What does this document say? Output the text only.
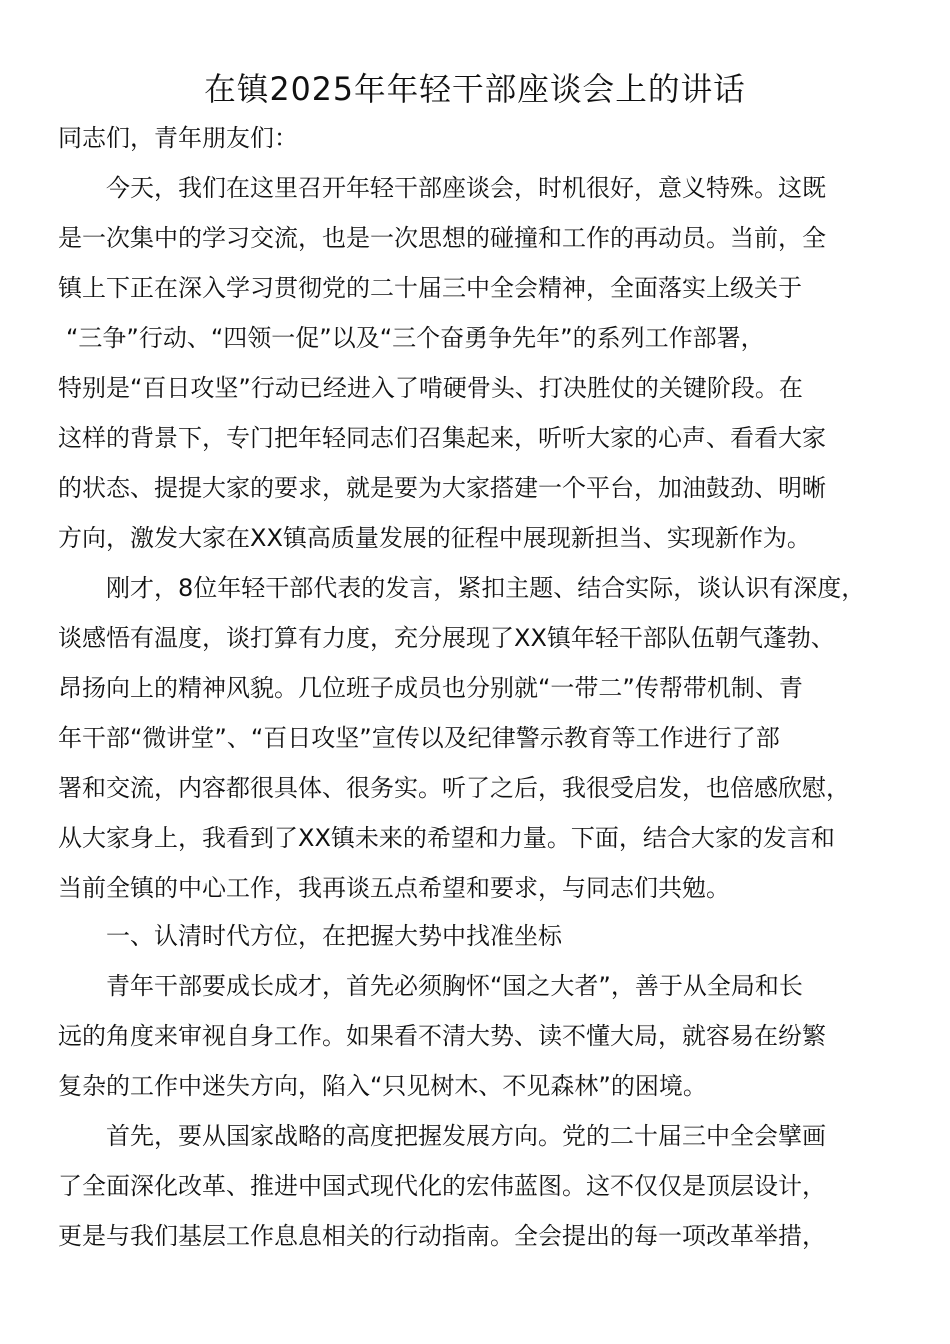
在镇2025年年轻干部座谈会上的讲话

同志们，青年朋友们：

今天，我们在这里召开年轻干部座谈会，时机很好，意义特殊。这既

是一次集中的学习交流，也是一次思想的碰撞和工作的再动员。当前，全

镇上下正在深入学习贯彻党的二十届三中全会精神，全面落实上级关于

“三争”行动、“四领一促”以及“三个奋勇争先年”的系列工作部署，

特别是“百日攻坚”行动已经进入了啃硬骨头、打决胜仗的关键阶段。在

这样的背景下，专门把年轻同志们召集起来，听听大家的心声、看看大家

的状态、提提大家的要求，就是要为大家搭建一个平台，加油鼓劲、明晰

方向，激发大家在XX镇高质量发展的征程中展现新担当、实现新作为。

刚才，8位年轻干部代表的发言，紧扣主题、结合实际，谈认识有深度，

谈感悟有温度，谈打算有力度，充分展现了XX镇年轻干部队伍朝气蓬勃、

昂扬向上的精神风貌。几位班子成员也分别就“一带二”传帮带机制、青

年干部“微讲堂”、“百日攻坚”宣传以及纪律警示教育等工作进行了部

署和交流，内容都很具体、很务实。听了之后，我很受启发，也倍感欣慰，

从大家身上，我看到了XX镇未来的希望和力量。下面，结合大家的发言和

当前全镇的中心工作，我再谈五点希望和要求，与同志们共勉。

一、认清时代方位，在把握大势中找准坐标

青年干部要成长成才，首先必须胸怀“国之大者”，善于从全局和长

远的角度来审视自身工作。如果看不清大势、读不懂大局，就容易在纷繁

复杂的工作中迷失方向，陷入“只见树木、不见森林”的困境。

首先，要从国家战略的高度把握发展方向。党的二十届三中全会擘画

了全面深化改革、推进中国式现代化的宏伟蓝图。这不仅仅是顶层设计，

更是与我们基层工作息息相关的行动指南。全会提出的每一项改革举措，
